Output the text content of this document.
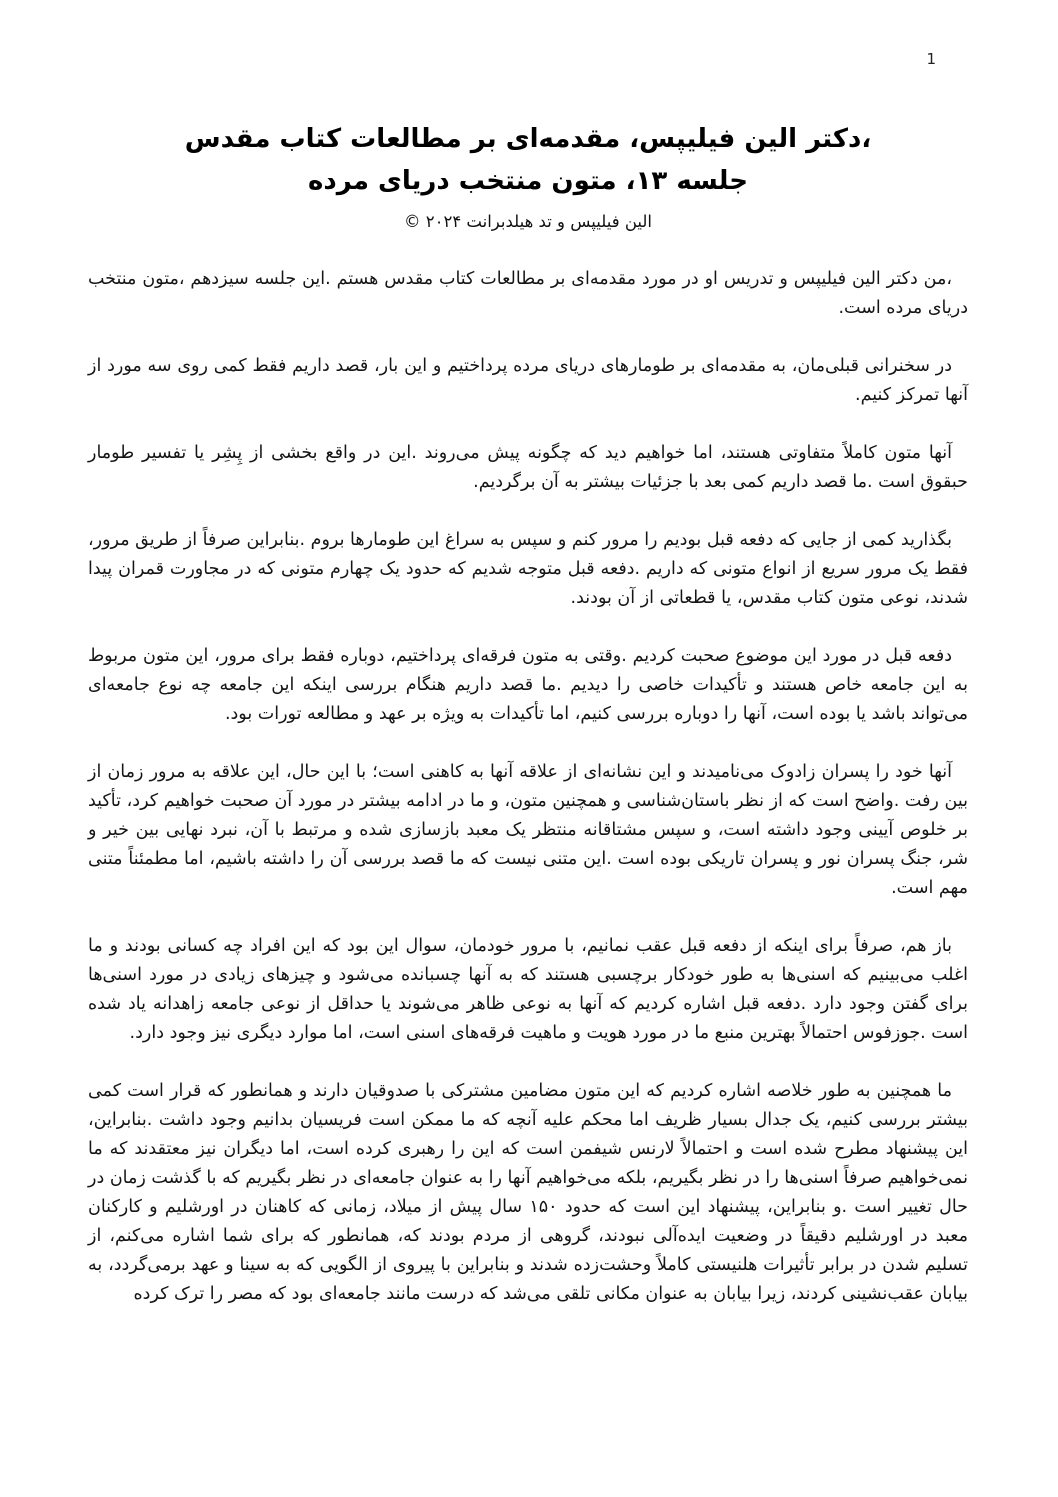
1
،دکتر الین فیلیپس، مقدمه‌ای بر مطالعات کتاب مقدس
جلسه ۱۳، متون منتخب دریای مرده
الین فیلیپس و تد هیلدبرانت ۲۰۲۴ ©

،من دکتر الین فیلیپس و تدریس او در مورد مقدمه‌ای بر مطالعات کتاب مقدس هستم .این جلسه سیزدهم ،متون منتخب دریای مرده است.

در سخنرانی قبلی‌مان، به مقدمه‌ای بر طومارهای دریای مرده پرداختیم و این بار، قصد داریم فقط کمی روی سه مورد از آنها تمرکز کنیم.

آنها متون کاملاً متفاوتی هستند، اما خواهیم دید که چگونه پیش می‌روند .این در واقع بخشی از پِشِر یا تفسیر طومار حبقوق است .ما قصد داریم کمی بعد با جزئیات بیشتر به آن برگردیم.

بگذارید کمی از جایی که دفعه قبل بودیم را مرور کنم و سپس به سراغ این طومارها بروم .بنابراین صرفاً از طریق مرور، فقط یک مرور سریع از انواع متونی که داریم .دفعه قبل متوجه شدیم که حدود یک چهارم متونی که در مجاورت قمران پیدا شدند، نوعی متون کتاب مقدس، یا قطعاتی از آن بودند.

دفعه قبل در مورد این موضوع صحبت کردیم .وقتی به متون فرقه‌ای پرداختیم، دوباره فقط برای مرور، این متون مربوط به این جامعه خاص هستند و تأکیدات خاصی را دیدیم .ما قصد داریم هنگام بررسی اینکه این جامعه چه نوع جامعه‌ای می‌تواند باشد یا بوده است، آنها را دوباره بررسی کنیم، اما تأکیدات به ویژه بر عهد و مطالعه تورات بود.

آنها خود را پسران زادوک می‌نامیدند و این نشانه‌ای از علاقه آنها به کاهنی است؛ با این حال، این علاقه به مرور زمان از بین رفت .واضح است که از نظر باستان‌شناسی و همچنین متون، و ما در ادامه بیشتر در مورد آن صحبت خواهیم کرد، تأکید بر خلوص آیینی وجود داشته است، و سپس مشتاقانه منتظر یک معبد بازسازی شده و مرتبط با آن، نبرد نهایی بین خیر و شر، جنگ پسران نور و پسران تاریکی بوده است .این متنی نیست که ما قصد بررسی آن را داشته باشیم، اما مطمئناً متنی مهم است.

باز هم، صرفاً برای اینکه از دفعه قبل عقب نمانیم، با مرور خودمان، سوال این بود که این افراد چه کسانی بودند و ما اغلب می‌بینیم که اسنی‌ها به طور خودکار برچسبی هستند که به آنها چسبانده می‌شود و چیزهای زیادی در مورد اسنی‌ها برای گفتن وجود دارد .دفعه قبل اشاره کردیم که آنها به نوعی ظاهر می‌شوند یا حداقل از نوعی جامعه زاهدانه یاد شده است .جوزفوس احتمالاً بهترین منبع ما در مورد هویت و ماهیت فرقه‌های اسنی است، اما موارد دیگری نیز وجود دارد.

ما همچنین به طور خلاصه اشاره کردیم که این متون مضامین مشترکی با صدوقیان دارند و همانطور که قرار است کمی بیشتر بررسی کنیم، یک جدال بسیار ظریف اما محکم علیه آنچه که ما ممکن است فریسیان بدانیم وجود داشت .بنابراین، این پیشنهاد مطرح شده است و احتمالاً لارنس شیفمن است که این را رهبری کرده است، اما دیگران نیز معتقدند که ما نمی‌خواهیم صرفاً اسنی‌ها را در نظر بگیریم، بلکه می‌خواهیم آنها را به عنوان جامعه‌ای در نظر بگیریم که با گذشت زمان در حال تغییر است .و بنابراین، پیشنهاد این است که حدود ۱۵۰ سال پیش از میلاد، زمانی که کاهنان در اورشلیم و کارکنان معبد در اورشلیم دقیقاً در وضعیت ایده‌آلی نبودند، گروهی از مردم بودند که، همانطور که برای شما اشاره می‌کنم، از تسلیم شدن در برابر تأثیرات هلنیستی کاملاً وحشت‌زده شدند و بنابراین با پیروی از الگویی که به سینا و عهد برمی‌گردد، به بیابان عقب‌نشینی کردند، زیرا بیابان به عنوان مکانی تلقی می‌شد که درست مانند جامعه‌ای بود که مصر را ترک کرده
